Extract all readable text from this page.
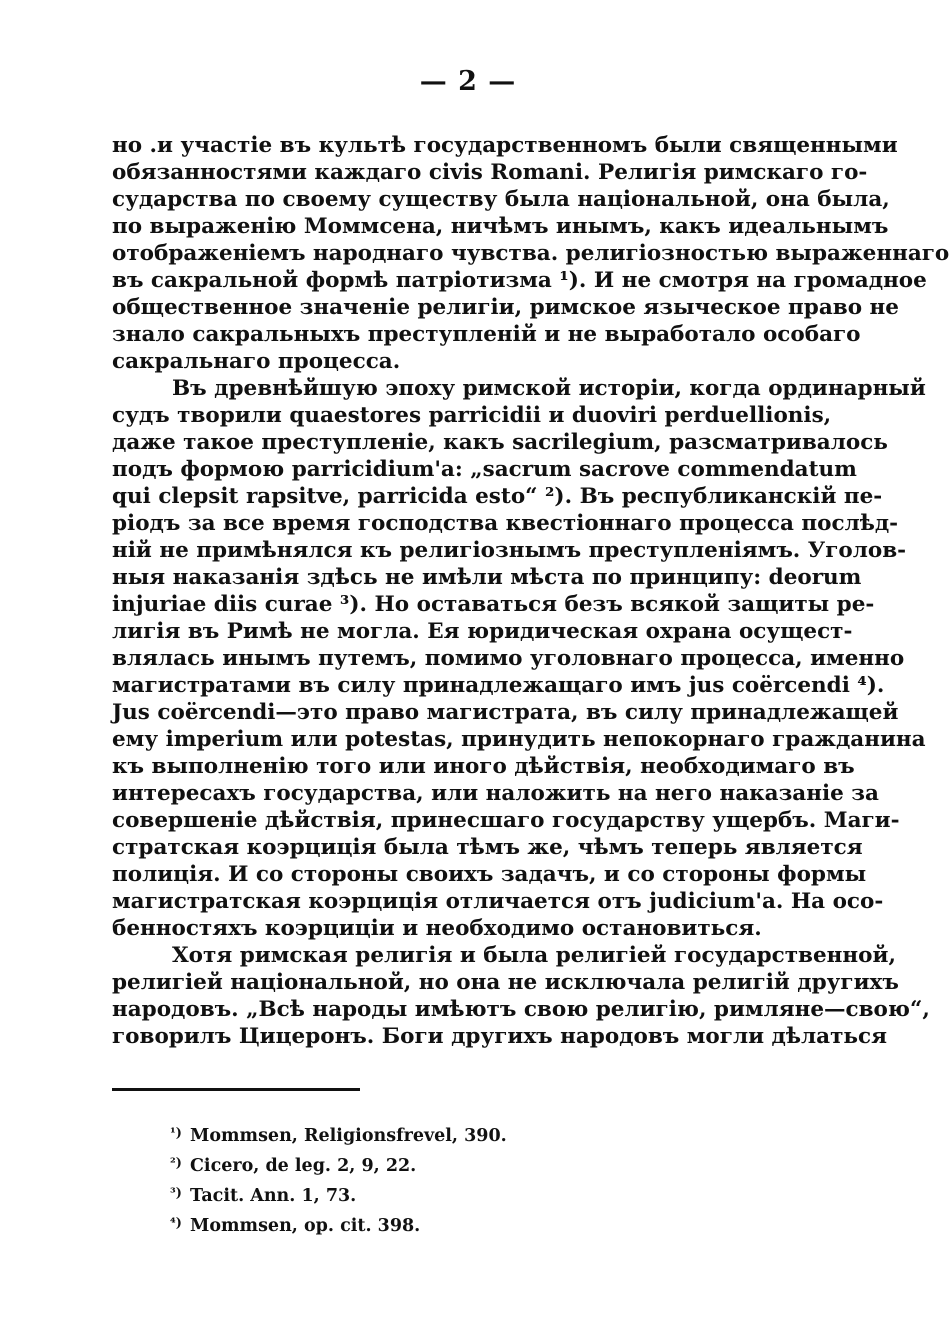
— 2 —
но .и участіе въ культѣ государственномъ были священными
обязанностями каждаго civis Romani. Религія римскаго го-
сударства по своему существу была національной, она была,
по выраженію Моммсена, ничѣмъ инымъ, какъ идеальнымъ
отображеніемъ народнаго чувства. религіозностью выраженнаго
въ сакральной формѣ патріотизма ¹). И не смотря на громадное
общественное значеніе религіи, римское языческое право не
знало сакральныхъ преступленій и не выработало особаго
сакральнаго процесса.
Въ древнѣйшую эпоху римской исторіи, когда ординарный
судъ творили quaestores parricidii и duoviri perduellionis,
даже такое преступленіе, какъ sacrilegium, разсматривалось
подъ формою parricidium'a: „sacrum sacrove commendatum
qui clepsit rapsitve, parricida esto“ ²). Въ республиканскій пе-
ріодъ за все время господства квестіоннаго процесса послѣд-
ній не примѣнялся къ религіознымъ преступленіямъ. Уголов-
ныя наказанія здѣсь не имѣли мѣста по принципу: deorum
injuriae diis curae ³). Но оставаться безъ всякой защиты ре-
лигія въ Римѣ не могла. Ея юридическая охрана осущест-
влялась инымъ путемъ, помимо уголовнаго процесса, именно
магистратами въ силу принадлежащаго имъ jus coërcendi ⁴).
Jus coërcendi—это право магистрата, въ силу принадлежащей
ему imperium или potestas, принудить непокорнаго гражданина
къ выполненію того или иного дѣйствія, необходимаго въ
интересахъ государства, или наложить на него наказаніе за
совершеніе дѣйствія, принесшаго государству ущербъ. Маги-
стратская коэрциція была тѣмъ же, чѣмъ теперь является
полиція. И со стороны своихъ задачъ, и со стороны формы
магистратская коэрциція отличается отъ judicium'a. На осо-
бенностяхъ коэрциціи и необходимо остановиться.
Хотя римская религія и была религіей государственной,
религіей національной, но она не исключала религій другихъ
народовъ. „Всѣ народы имѣютъ свою религію, римляне—свою“,
говорилъ Цицеронъ. Боги другихъ народовъ могли дѣлаться
¹) Mommsen, Religionsfrevel, 390.
²) Cicero, de leg. 2, 9, 22.
³) Tacit. Ann. 1, 73.
⁴) Mommsen, op. cit. 398.
